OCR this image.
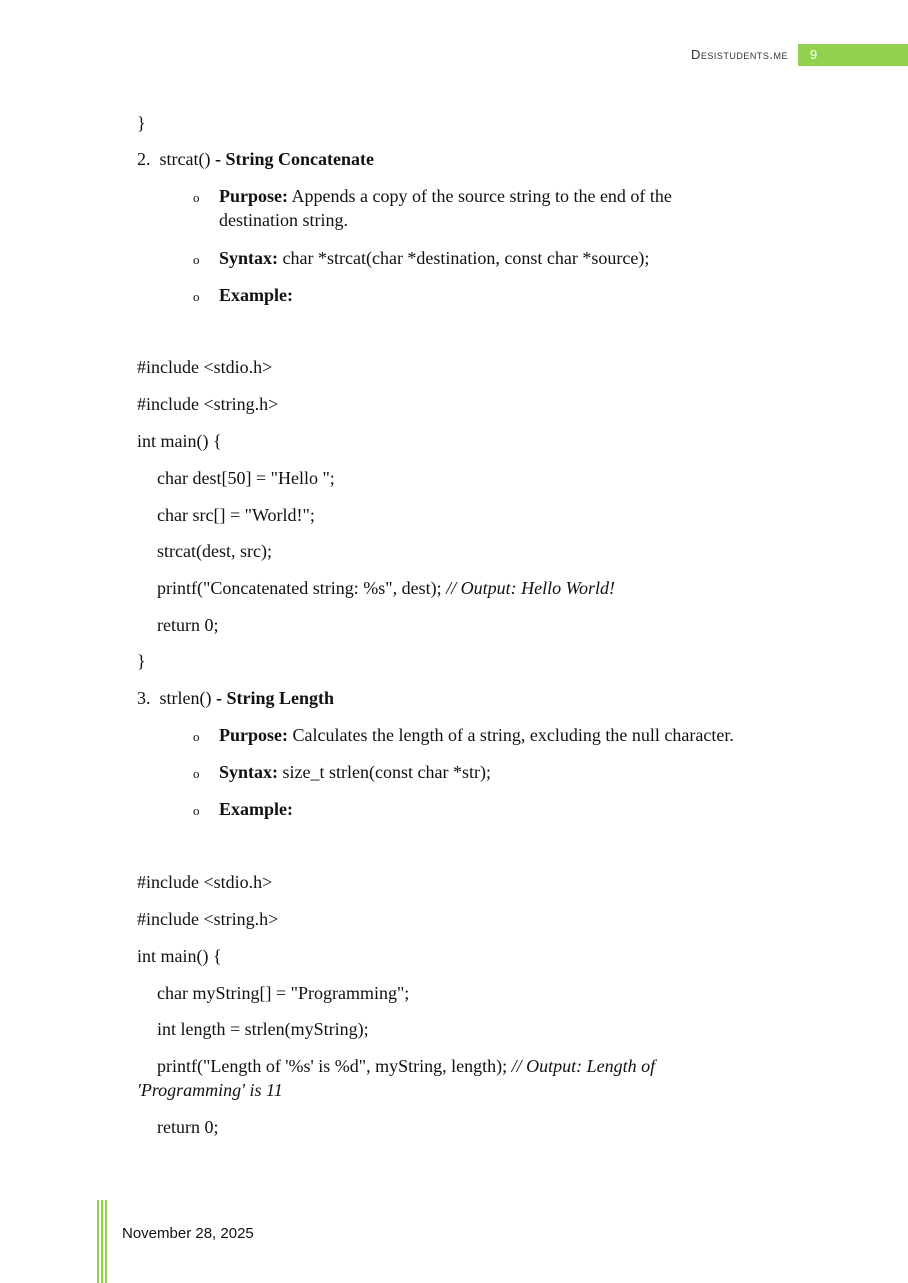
Desistudents.me	9
}
2. strcat() - String Concatenate
o Purpose: Appends a copy of the source string to the end of the
destination string.
o Syntax: char *strcat(char *destination, const char *source);
o Example:
#include <stdio.h>
#include <string.h>
int main() {
char dest[50] = "Hello ";
char src[] = "World!";
strcat(dest, src);
printf("Concatenated string: %s", dest); // Output: Hello World!
return 0;
}
3. strlen() - String Length
o Purpose: Calculates the length of a string, excluding the null character.
o Syntax: size_t strlen(const char *str);
o Example:
#include <stdio.h>
#include <string.h>
int main() {
char myString[] = "Programming";
int length = strlen(myString);
printf("Length of '%s' is %d", myString, length); // Output: Length of
'Programming' is 11
return 0;
November 28, 2025
